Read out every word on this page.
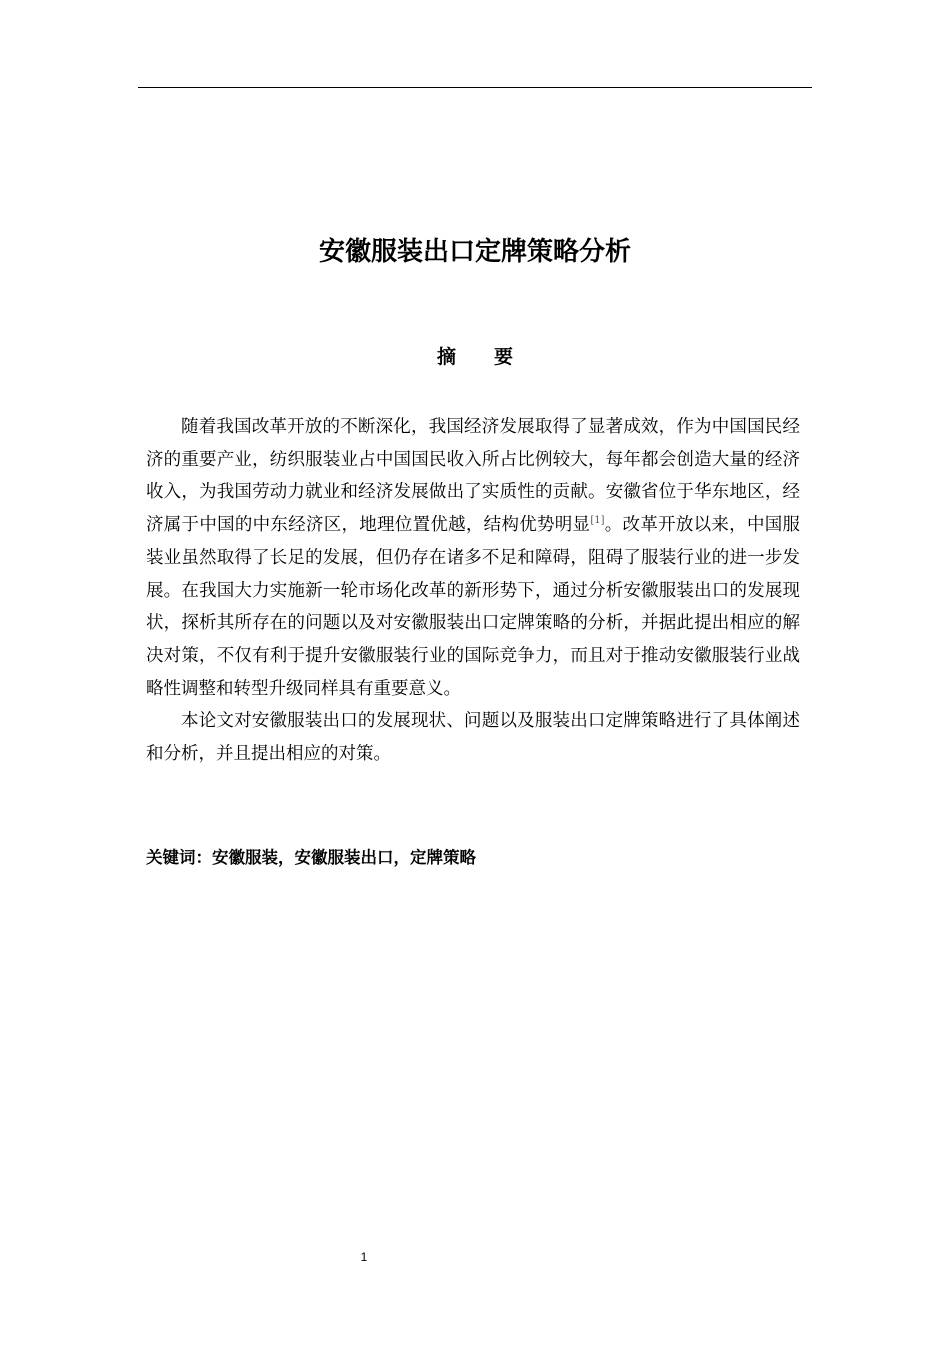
安徽服装出口定牌策略分析
摘要

随着我国改革开放的不断深化，我国经济发展取得了显著成效，作为中国国民经济的重要产业，纺织服装业占中国国民收入所占比例较大，每年都会创造大量的经济收入，为我国劳动力就业和经济发展做出了实质性的贡献。安徽省位于华东地区，经济属于中国的中东经济区，地理位置优越，结构优势明显[1]。改革开放以来，中国服装业虽然取得了长足的发展，但仍存在诸多不足和障碍，阻碍了服装行业的进一步发展。在我国大力实施新一轮市场化改革的新形势下，通过分析安徽服装出口的发展现状，探析其所存在的问题以及对安徽服装出口定牌策略的分析，并据此提出相应的解决对策，不仅有利于提升安徽服装行业的国际竞争力，而且对于推动安徽服装行业战略性调整和转型升级同样具有重要意义。

本论文对安徽服装出口的发展现状、问题以及服装出口定牌策略进行了具体阐述和分析，并且提出相应的对策。

关键词：安徽服装，安徽服装出口，定牌策略

1
